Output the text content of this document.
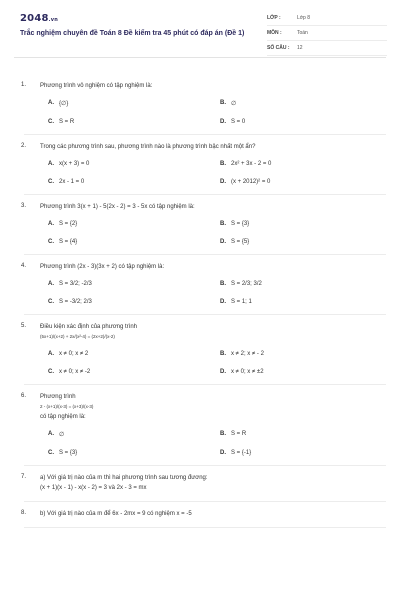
2048.vn
Trắc nghiệm chuyên đề Toán 8 Đề kiểm tra 45 phút có đáp án (Đề 1)
LỚP :	Lớp 8
MÔN :	Toán
SỐ CÂU :	12
1. Phương trình vô nghiệm có tập nghiệm là:
A. {∅}	B. ∅
C. S = R	D. S = 0
2. Trong các phương trình sau, phương trình nào là phương trình bậc nhất một ẩn?
A. x(x + 3) = 0	B. 2x² + 3x - 2 = 0
C. 2x - 1 = 0	D. (x + 2012)² = 0
3. Phương trình 3(x + 1) - 5(2x - 2) = 3 - 5x có tập nghiệm là:
A. S = {2}	B. S = {3}
C. S = {4}	D. S = {5}
4. Phương trình (2x - 3)(3x + 2) có tập nghiệm là:
A. S = 3/2; -2/3	B. S = 2/3; 3/2
C. S = -3/2; 2/3	D. S = 1; 1
5. Điều kiện xác định của phương trình
(5x+1)/(x+2) + 2x/(x²-4) = (2x+2)/(x-2)
A. x ≠ 0; x ≠ 2	B. x ≠ 2; x ≠ - 2
C. x ≠ 0; x ≠ -2	D. x ≠ 0; x ≠ ±2
6. Phương trình
2 - (x+1)/(x-3) = (x+3)/(x-3)
có tập nghiệm là:
A. ∅	B. S = R
C. S = {3}	D. S = {-1}
7. a) Với giá trị nào của m thì hai phương trình sau tương đương:
(x + 1)(x - 1) - x(x - 2) = 3 và 2x - 3 = mx
8. b) Với giá trị nào của m để 6x - 2mx = 9 có nghiệm x = -5
